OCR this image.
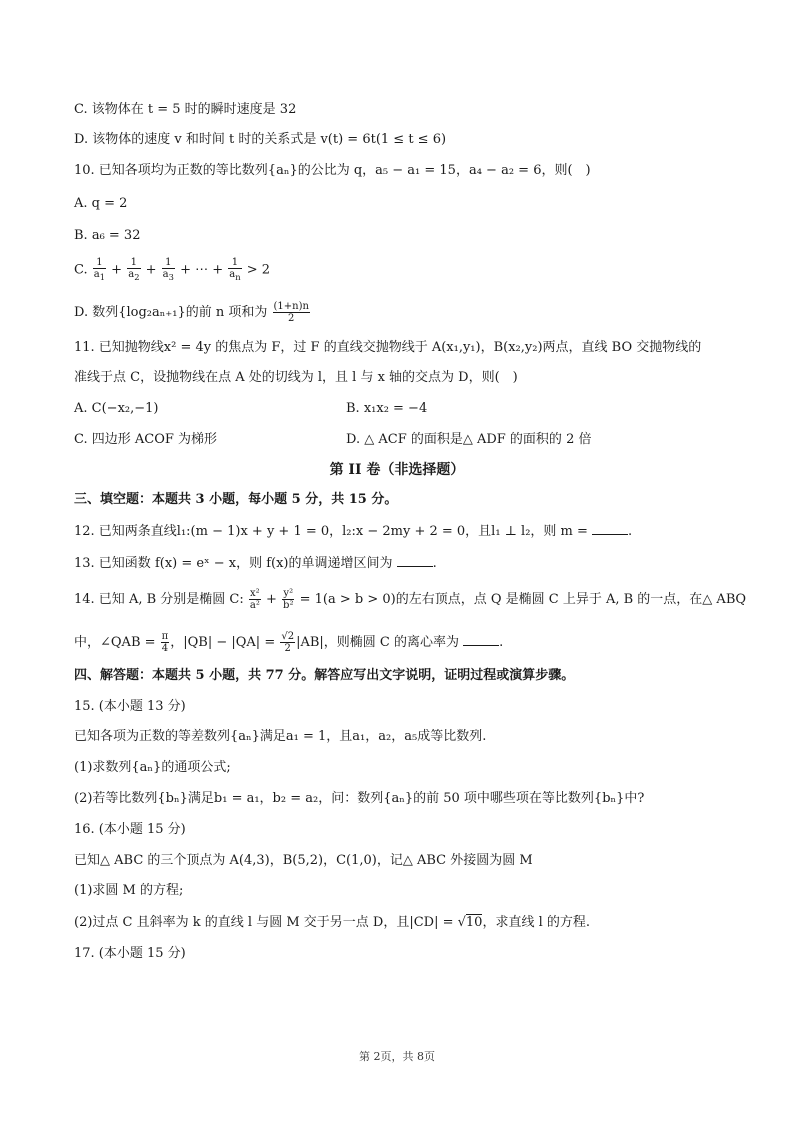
C. 该物体在 t = 5 时的瞬时速度是 32
D. 该物体的速度 v 和时间 t 时的关系式是 v(t) = 6t(1 ≤ t ≤ 6)
10. 已知各项均为正数的等比数列{aₙ}的公比为 q，a₅ − a₁ = 15，a₄ − a₂ = 6，则(　)
A. q = 2
B. a₆ = 32
C. $\frac{1}{a_1} + \frac{1}{a_2} + \frac{1}{a_3}$ + ⋯ + $\frac{1}{a_n} > 2$
D. 数列{log₂aₙ₊₁}的前 n 项和为 $\frac{(1+n)n}{2}$
11. 已知抛物线x² = 4y 的焦点为 F，过 F 的直线交抛物线于 A(x₁,y₁)，B(x₂,y₂)两点，直线 BO 交抛物线的
准线于点 C，设抛物线在点 A 处的切线为 l，且 l 与 x 轴的交点为 D，则(　)
A. C(−x₂,−1)	B. x₁x₂ = −4
C. 四边形 ACOF 为梯形	D. △ ACF 的面积是△ ADF 的面积的 2 倍
第 II 卷（非选择题）
三、填空题：本题共 3 小题，每小题 5 分，共 15 分。
12. 已知两条直线l₁:(m − 1)x + y + 1 = 0，l₂:x − 2my + 2 = 0，且l₁ ⊥ l₂，则 m =	.
13. 已知函数 f(x) = eˣ − x，则 f(x)的单调递增区间为	.
14. 已知 A, B 分别是椭圆 C: $\frac{\text{x²}}{\text{a²}} + \frac{\text{y²}}{\text{b²}} = 1(a > b > 0)$的左右顶点，点 Q 是椭圆 C 上异于 A, B 的一点，在△ ABQ
中，∠QAB = $\frac{\pi}{4}$ ，$|QB| - |QA| = \frac{√2}{2} |AB|$，则椭圆 C 的离心率为	.
四、解答题：本题共 5 小题，共 77 分。解答应写出文字说明，证明过程或演算步骤。
15. (本小题 13 分)
已知各项为正数的等差数列{aₙ}满足a₁ = 1，且a₁，a₂，a₅成等比数列.
(1)求数列{aₙ}的通项公式;
(2)若等比数列{bₙ}满足b₁ = a₁，b₂ = a₂，问：数列{aₙ}的前 50 项中哪些项在等比数列{bₙ}中?
16. (本小题 15 分)
已知△ ABC 的三个顶点为 A(4,3)，B(5,2)，C(1,0)，记△ ABC 外接圆为圆 M
(1)求圆 M 的方程;
(2)过点 C 且斜率为 k 的直线 l 与圆 M 交于另一点 D，且|CD| = √10，求直线 l 的方程.
17. (本小题 15 分)
第 2页，共 8页
